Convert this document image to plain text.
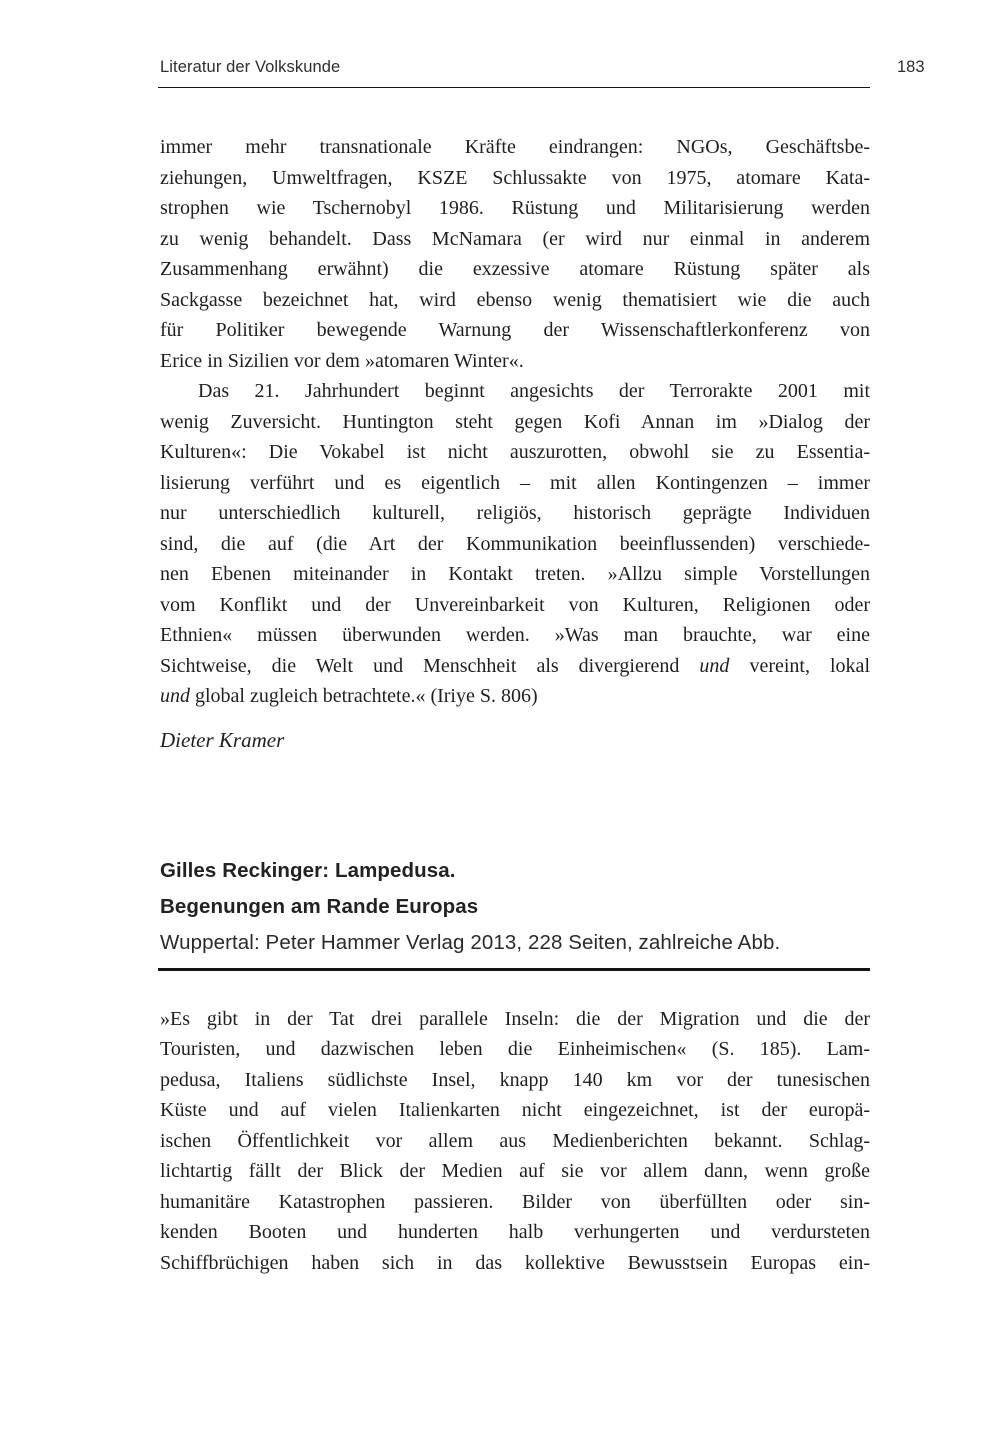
Literatur der Volkskunde	183
immer mehr transnationale Kräfte eindrangen: NGOs, Geschäftsbe-
ziehungen, Umweltfragen, KSZE Schlussakte von 1975, atomare Kata-
strophen wie Tschernobyl 1986. Rüstung und Militarisierung werden
zu wenig behandelt. Dass McNamara (er wird nur einmal in anderem
Zusammenhang erwähnt) die exzessive atomare Rüstung später als
Sackgasse bezeichnet hat, wird ebenso wenig thematisiert wie die auch
für Politiker bewegende Warnung der Wissenschaftlerkonferenz von
Erice in Sizilien vor dem »atomaren Winter«.
Das 21. Jahrhundert beginnt angesichts der Terrorakte 2001 mit
wenig Zuversicht. Huntington steht gegen Kofi Annan im »Dialog der
Kulturen«: Die Vokabel ist nicht auszurotten, obwohl sie zu Essentia-
lisierung verführt und es eigentlich – mit allen Kontingenzen – immer
nur unterschiedlich kulturell, religiös, historisch geprägte Individuen
sind, die auf (die Art der Kommunikation beeinflussenden) verschiede-
nen Ebenen miteinander in Kontakt treten. »Allzu simple Vorstellungen
vom Konflikt und der Unvereinbarkeit von Kulturen, Religionen oder
Ethnien« müssen überwunden werden. »Was man brauchte, war eine
Sichtweise, die Welt und Menschheit als divergierend und vereint, lokal
und global zugleich betrachtete.« (Iriye S. 806)
Dieter Kramer
Gilles Reckinger: Lampedusa.
Begenungen am Rande Europas
Wuppertal: Peter Hammer Verlag 2013, 228 Seiten, zahlreiche Abb.
»Es gibt in der Tat drei parallele Inseln: die der Migration und die der
Touristen, und dazwischen leben die Einheimischen« (S. 185). Lam-
pedusa, Italiens südlichste Insel, knapp 140 km vor der tunesischen
Küste und auf vielen Italienkarten nicht eingezeichnet, ist der europä-
ischen Öffentlichkeit vor allem aus Medienberichten bekannt. Schlag-
lichtartig fällt der Blick der Medien auf sie vor allem dann, wenn große
humanitäre Katastrophen passieren. Bilder von überfüllten oder sin-
kenden Booten und hunderten halb verhungerten und verdursteten
Schiffbrüchigen haben sich in das kollektive Bewusstsein Europas ein-
